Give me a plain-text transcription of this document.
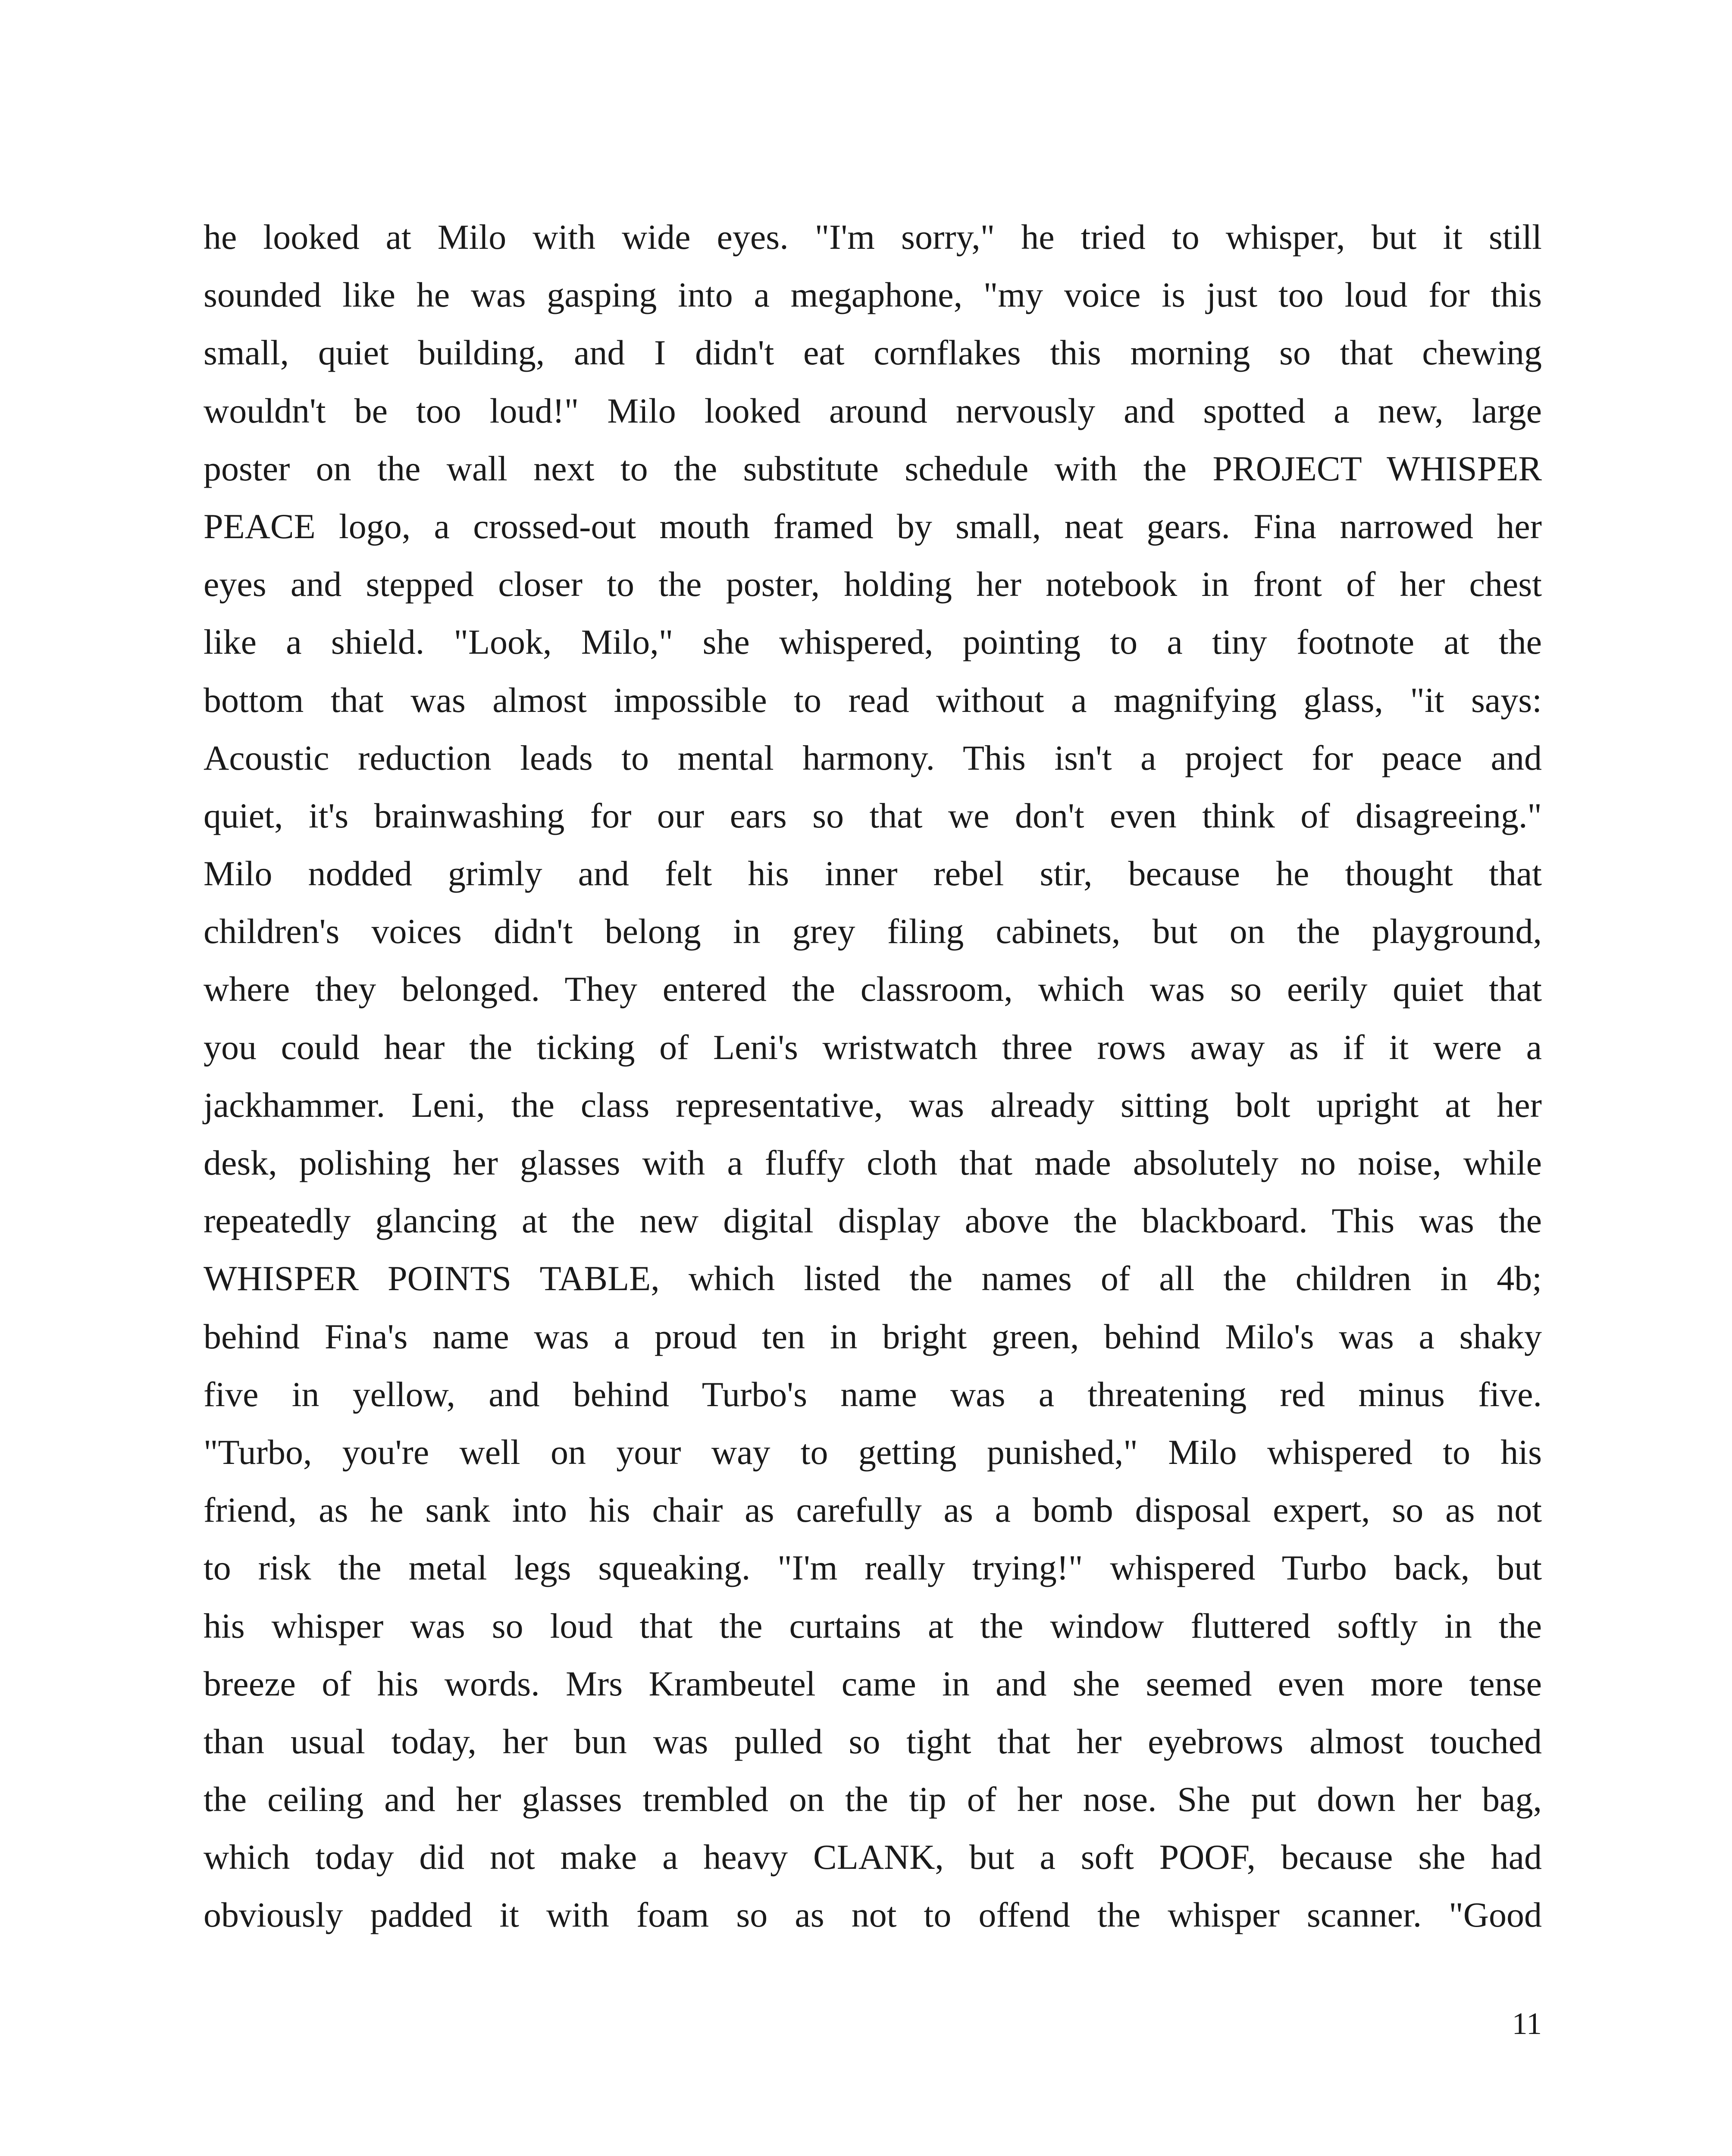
he looked at Milo with wide eyes. "I'm sorry," he tried to whisper, but it still
sounded like he was gasping into a megaphone, "my voice is just too loud for this
small, quiet building, and I didn't eat cornflakes this morning so that chewing
wouldn't be too loud!" Milo looked around nervously and spotted a new, large
poster on the wall next to the substitute schedule with the PROJECT WHISPER
PEACE logo, a crossed-out mouth framed by small, neat gears. Fina narrowed her
eyes and stepped closer to the poster, holding her notebook in front of her chest
like a shield. "Look, Milo," she whispered, pointing to a tiny footnote at the
bottom that was almost impossible to read without a magnifying glass, "it says:
Acoustic reduction leads to mental harmony. This isn't a project for peace and
quiet, it's brainwashing for our ears so that we don't even think of disagreeing."
Milo nodded grimly and felt his inner rebel stir, because he thought that
children's voices didn't belong in grey filing cabinets, but on the playground,
where they belonged. They entered the classroom, which was so eerily quiet that
you could hear the ticking of Leni's wristwatch three rows away as if it were a
jackhammer. Leni, the class representative, was already sitting bolt upright at her
desk, polishing her glasses with a fluffy cloth that made absolutely no noise, while
repeatedly glancing at the new digital display above the blackboard. This was the
WHISPER POINTS TABLE, which listed the names of all the children in 4b;
behind Fina's name was a proud ten in bright green, behind Milo's was a shaky
five in yellow, and behind Turbo's name was a threatening red minus five.
"Turbo, you're well on your way to getting punished," Milo whispered to his
friend, as he sank into his chair as carefully as a bomb disposal expert, so as not
to risk the metal legs squeaking. "I'm really trying!" whispered Turbo back, but
his whisper was so loud that the curtains at the window fluttered softly in the
breeze of his words. Mrs Krambeutel came in and she seemed even more tense
than usual today, her bun was pulled so tight that her eyebrows almost touched
the ceiling and her glasses trembled on the tip of her nose. She put down her bag,
which today did not make a heavy CLANK, but a soft POOF, because she had
obviously padded it with foam so as not to offend the whisper scanner. "Good
11
